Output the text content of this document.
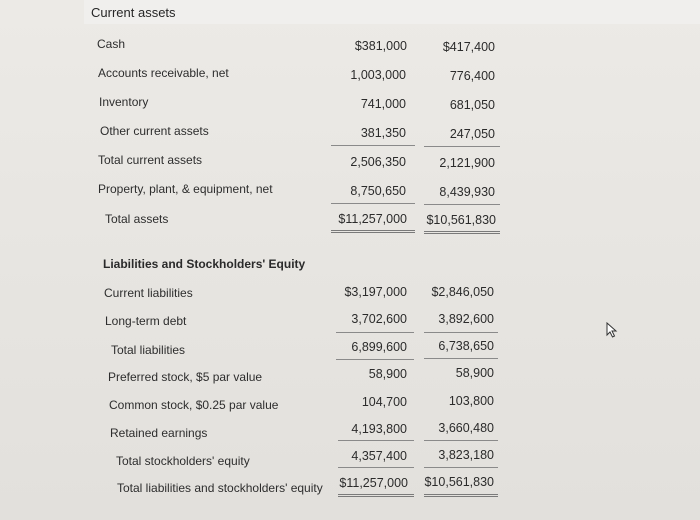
Current assets
Cash	$381,000	$417,400
Accounts receivable, net	1,003,000	776,400
Inventory	741,000	681,050
Other current assets	381,350	247,050
Total current assets	2,506,350	2,121,900
Property, plant, & equipment, net	8,750,650	8,439,930
Total assets	$11,257,000 $10,561,830
Liabilities and Stockholders' Equity
Current liabilities	$3,197,000 $2,846,050
Long-term debt	3,702,600	3,892,600
Total liabilities	6,899,600	6,738,650
Preferred stock, $5 par value	58,900	58,900
Common stock, $0.25 par value	104,700	103,800
Retained earnings	4,193,800	3,660,480
Total stockholders' equity	4,357,400	3,823,180
Total liabilities and stockholders' equity $11,257,000 $10,561,830
